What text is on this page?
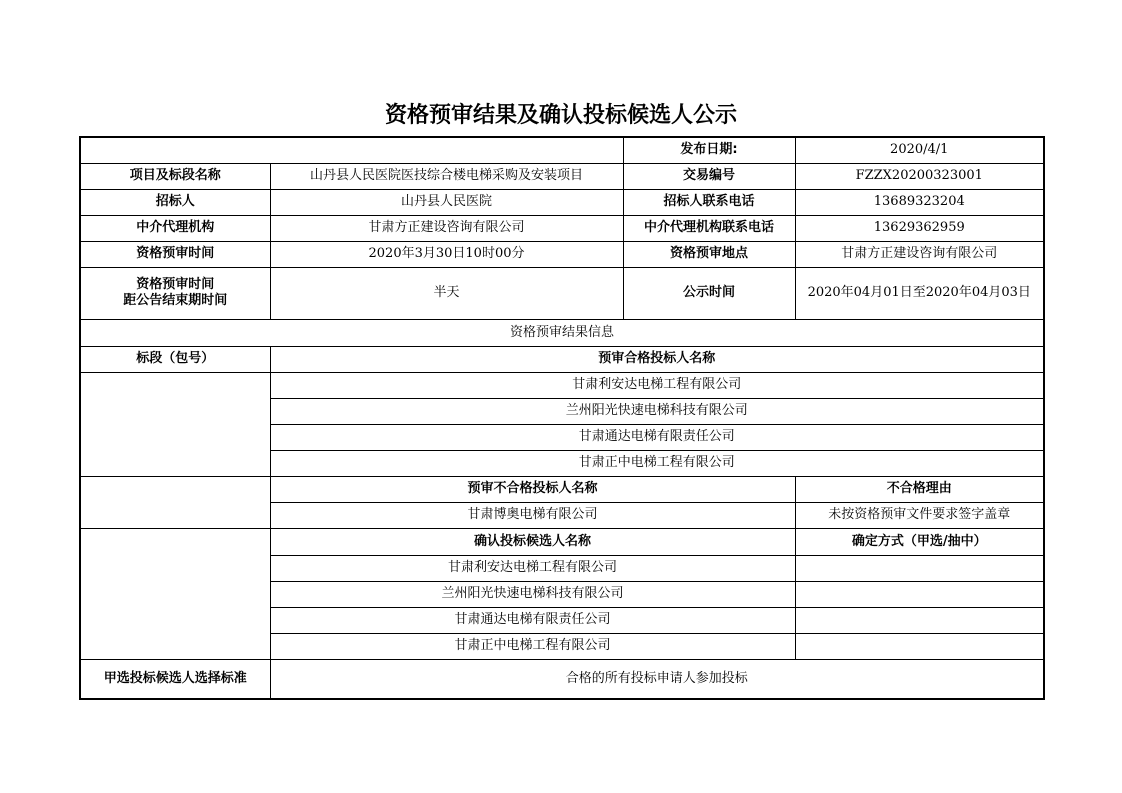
资格预审结果及确认投标候选人公示
		发布日期:	2020/4/1
项目及标段名称	山丹县人民医院医技综合楼电梯采购及安装项目	交易编号	FZZX20200323001
招标人	山丹县人民医院	招标人联系电话	13689323204
中介代理机构	甘肃方正建设咨询有限公司	中介代理机构联系电话	13629362959
资格预审时间	2020年3月30日10时00分	资格预审地点	甘肃方正建设咨询有限公司

资格预审时间
距公告结束期时间	半天	公示时间	2020年04月01日至2020年04月03日
资格预审结果信息			
标段（包号）	预审合格投标人名称		
	甘肃利安达电梯工程有限公司		
	兰州阳光快速电梯科技有限公司		
	甘肃通达电梯有限责任公司		
	甘肃正中电梯工程有限公司		
	预审不合格投标人名称		不合格理由
	甘肃博奥电梯有限公司		未按资格预审文件要求签字盖章
	确认投标候选人名称		确定方式（甲选/抽中）
	甘肃利安达电梯工程有限公司		
	兰州阳光快速电梯科技有限公司		
	甘肃通达电梯有限责任公司		
	甘肃正中电梯工程有限公司		
甲选投标候选人选择标准	合格的所有投标申请人参加投标		
